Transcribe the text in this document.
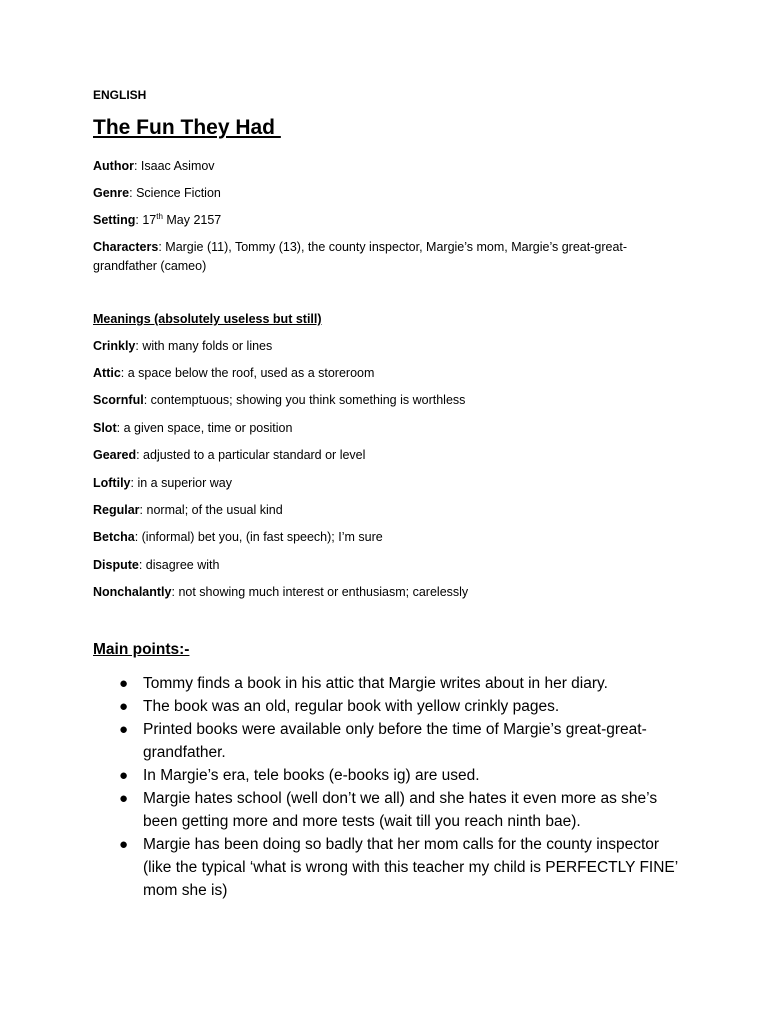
ENGLISH
The Fun They Had
Author: Isaac Asimov
Genre: Science Fiction
Setting: 17th May 2157
Characters: Margie (11), Tommy (13), the county inspector, Margie’s mom, Margie’s great-great-grandfather (cameo)
Meanings (absolutely useless but still)
Crinkly: with many folds or lines
Attic: a space below the roof, used as a storeroom
Scornful: contemptuous; showing you think something is worthless
Slot: a given space, time or position
Geared: adjusted to a particular standard or level
Loftily: in a superior way
Regular: normal; of the usual kind
Betcha: (informal) bet you, (in fast speech); I’m sure
Dispute: disagree with
Nonchalantly: not showing much interest or enthusiasm; carelessly
Main points:-
● Tommy finds a book in his attic that Margie writes about in her diary.
● The book was an old, regular book with yellow crinkly pages.
● Printed books were available only before the time of Margie’s great-great-grandfather.
● In Margie’s era, tele books (e-books ig) are used.
● Margie hates school (well don’t we all) and she hates it even more as she’s been getting more and more tests (wait till you reach ninth bae).
● Margie has been doing so badly that her mom calls for the county inspector (like the typical ‘what is wrong with this teacher my child is PERFECTLY FINE’ mom she is)
